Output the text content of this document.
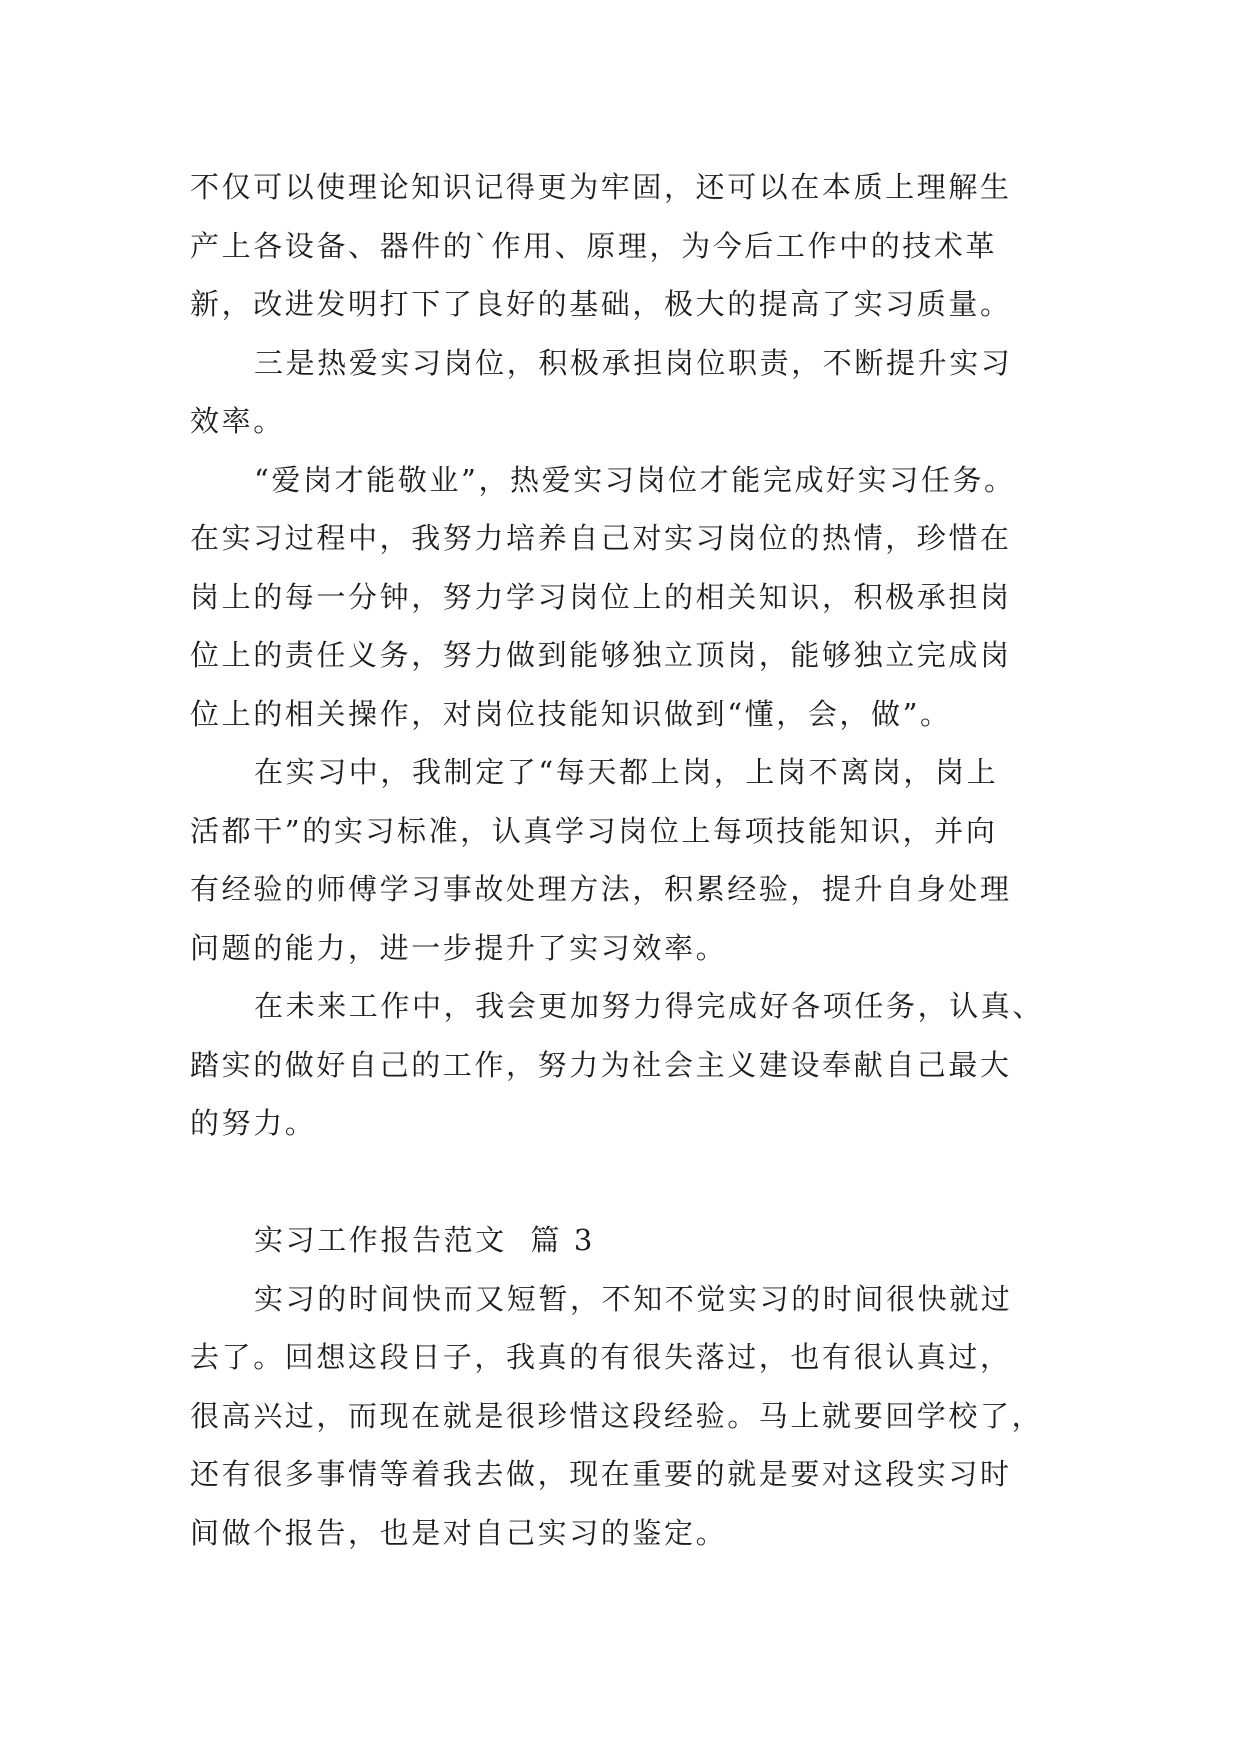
不仅可以使理论知识记得更为牢固，还可以在本质上理解生
产上各设备、器件的`作用、原理，为今后工作中的技术革
新，改进发明打下了良好的基础，极大的提高了实习质量。
三是热爱实习岗位，积极承担岗位职责，不断提升实习
效率。
“爱岗才能敬业”，热爱实习岗位才能完成好实习任务。
在实习过程中，我努力培养自己对实习岗位的热情，珍惜在
岗上的每一分钟，努力学习岗位上的相关知识，积极承担岗
位上的责任义务，努力做到能够独立顶岗，能够独立完成岗
位上的相关操作，对岗位技能知识做到“懂，会，做”。
在实习中，我制定了“每天都上岗，上岗不离岗，岗上
活都干”的实习标准，认真学习岗位上每项技能知识，并向
有经验的师傅学习事故处理方法，积累经验，提升自身处理
问题的能力，进一步提升了实习效率。
在未来工作中，我会更加努力得完成好各项任务，认真、
踏实的做好自己的工作，努力为社会主义建设奉献自己最大
的努力。
实习工作报告范文  篇 3
实习的时间快而又短暂，不知不觉实习的时间很快就过
去了。回想这段日子，我真的有很失落过，也有很认真过，
很高兴过，而现在就是很珍惜这段经验。马上就要回学校了，
还有很多事情等着我去做，现在重要的就是要对这段实习时
间做个报告，也是对自己实习的鉴定。
